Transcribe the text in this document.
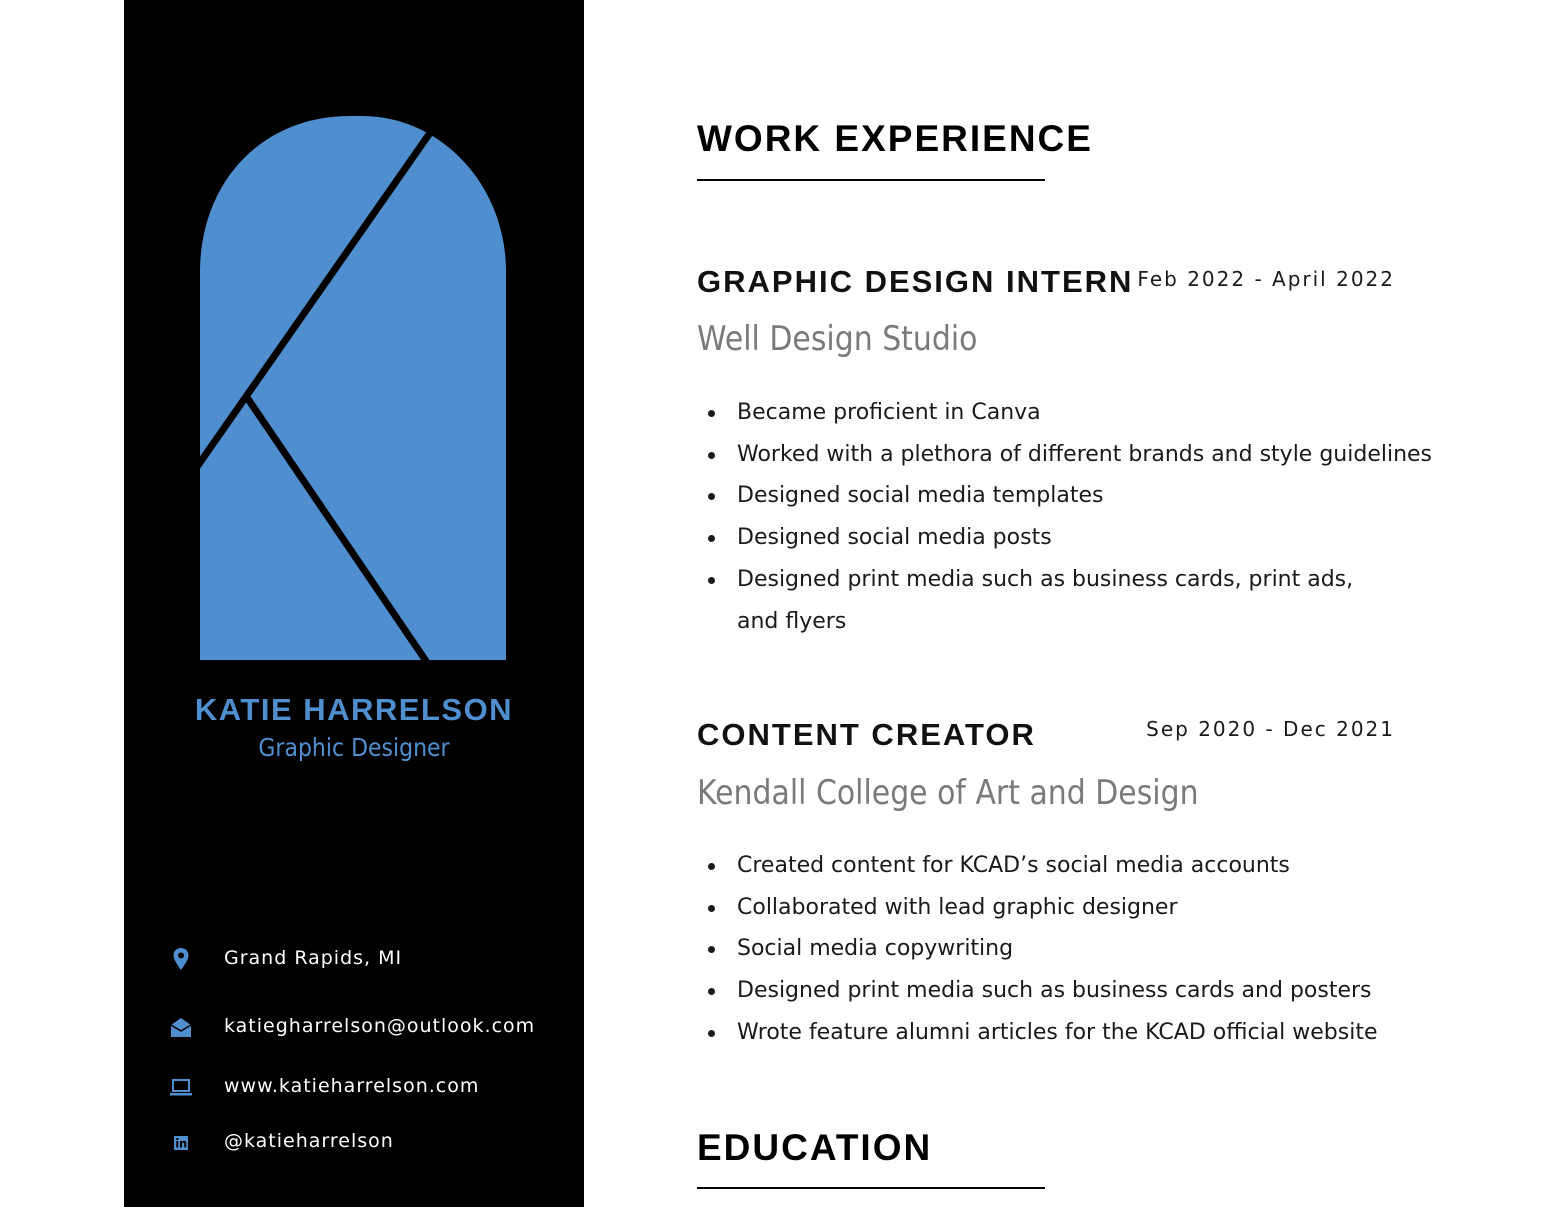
KATIE HARRELSON
Graphic Designer
Grand Rapids, MI
katiegharrelson@outlook.com
www.katieharrelson.com
@katieharrelson
WORK EXPERIENCE
GRAPHIC DESIGN INTERN Feb 2022 - April 2022
Well Design Studio
Became proficient in Canva
Worked with a plethora of different brands and style guidelines
Designed social media templates
Designed social media posts
Designed print media such as business cards, print ads, and flyers
CONTENT CREATOR	Sep 2020 - Dec 2021
Kendall College of Art and Design
Created content for KCAD’s social media accounts
Collaborated with lead graphic designer
Social media copywriting
Designed print media such as business cards and posters
Wrote feature alumni articles for the KCAD official website
EDUCATION
